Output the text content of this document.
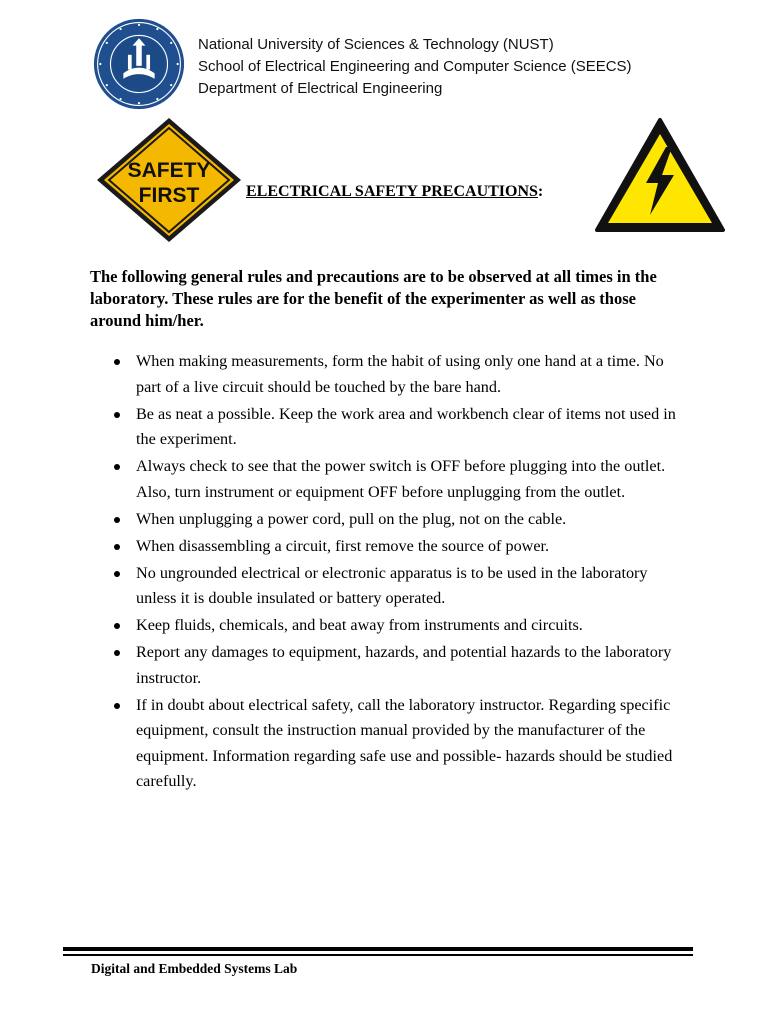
National University of Sciences & Technology (NUST)
School of Electrical Engineering and Computer Science (SEECS)
Department of Electrical Engineering
SAFETY
FIRST	ELECTRICAL SAFETY PRECAUTIONS:
The following general rules and precautions are to be observed at all times in the laboratory. These rules are for the benefit of the experimenter as well as those around him/her.
When making measurements, form the habit of using only one hand at a time. No part of a live circuit should be touched by the bare hand.
Be as neat a possible. Keep the work area and workbench clear of items not used in the experiment.
Always check to see that the power switch is OFF before plugging into the outlet. Also, turn instrument or equipment OFF before unplugging from the outlet.
When unplugging a power cord, pull on the plug, not on the cable.
When disassembling a circuit, first remove the source of power.
No ungrounded electrical or electronic apparatus is to be used in the laboratory unless it is double insulated or battery operated.
Keep fluids, chemicals, and beat away from instruments and circuits.
Report any damages to equipment, hazards, and potential hazards to the laboratory instructor.
If in doubt about electrical safety, call the laboratory instructor. Regarding specific equipment, consult the instruction manual provided by the manufacturer of the equipment. Information regarding safe use and possible- hazards should be studied carefully.
Digital and Embedded Systems Lab
